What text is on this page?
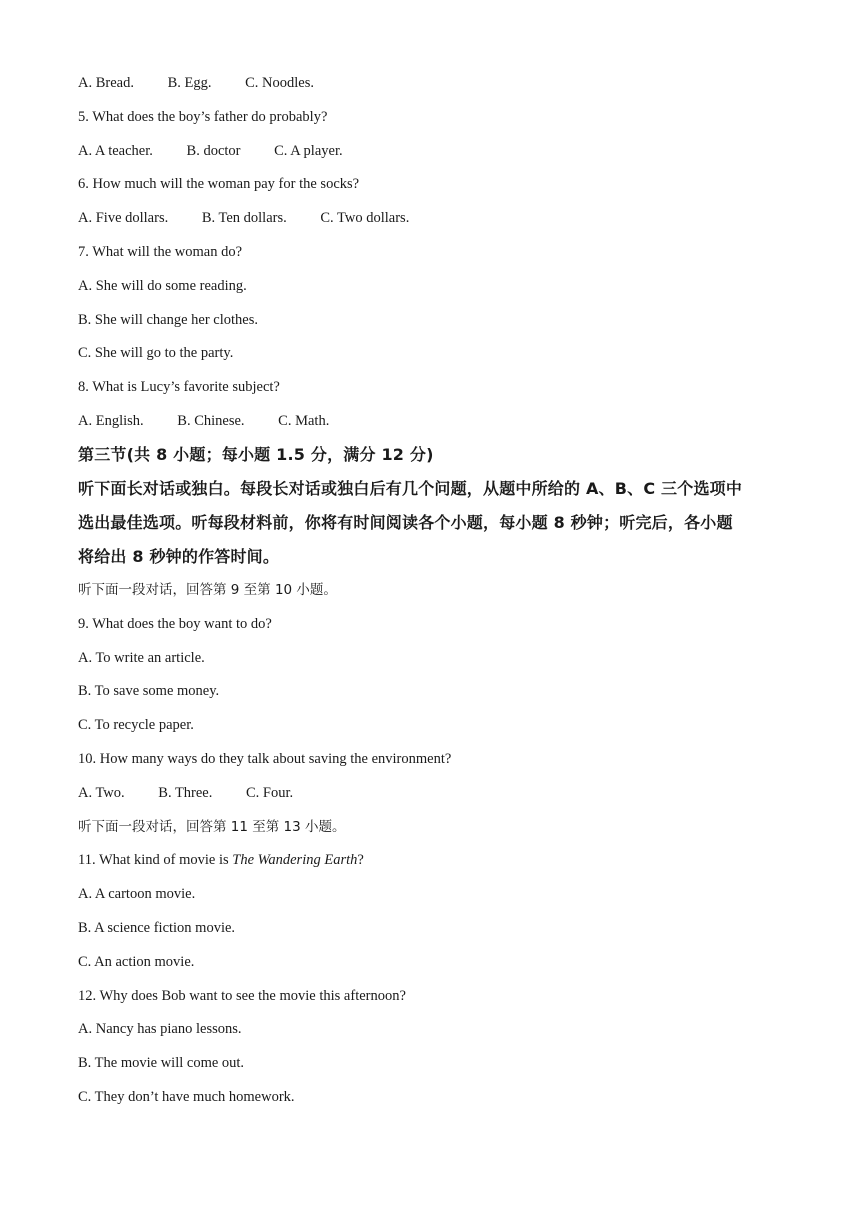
A. Bread. B. Egg. C. Noodles.
5. What does the boy’s father do probably?
A. A teacher. B. doctor C. A player.
6. How much will the woman pay for the socks?
A. Five dollars. B. Ten dollars. C. Two dollars.
7. What will the woman do?
A. She will do some reading.
B. She will change her clothes.
C. She will go to the party.
8. What is Lucy’s favorite subject?
A. English. B. Chinese. C. Math.
第三节(共 8 小题；每小题 1.5 分，满分 12 分)
听下面长对话或独白。每段长对话或独白后有几个问题，从题中所给的 A、B、C 三个选项中
选出最佳选项。听每段材料前，你将有时间阅读各个小题，每小题 8 秒钟；听完后，各小题
将给出 8 秒钟的作答时间。
听下面一段对话，回答第 9 至第 10 小题。
9. What does the boy want to do?
A. To write an article.
B. To save some money.
C. To recycle paper.
10. How many ways do they talk about saving the environment?
A. Two. B. Three. C. Four.
听下面一段对话，回答第 11 至第 13 小题。
11. What kind of movie is The Wandering Earth?
A. A cartoon movie.
B. A science fiction movie.
C. An action movie.
12. Why does Bob want to see the movie this afternoon?
A. Nancy has piano lessons.
B. The movie will come out.
C. They don’t have much homework.
